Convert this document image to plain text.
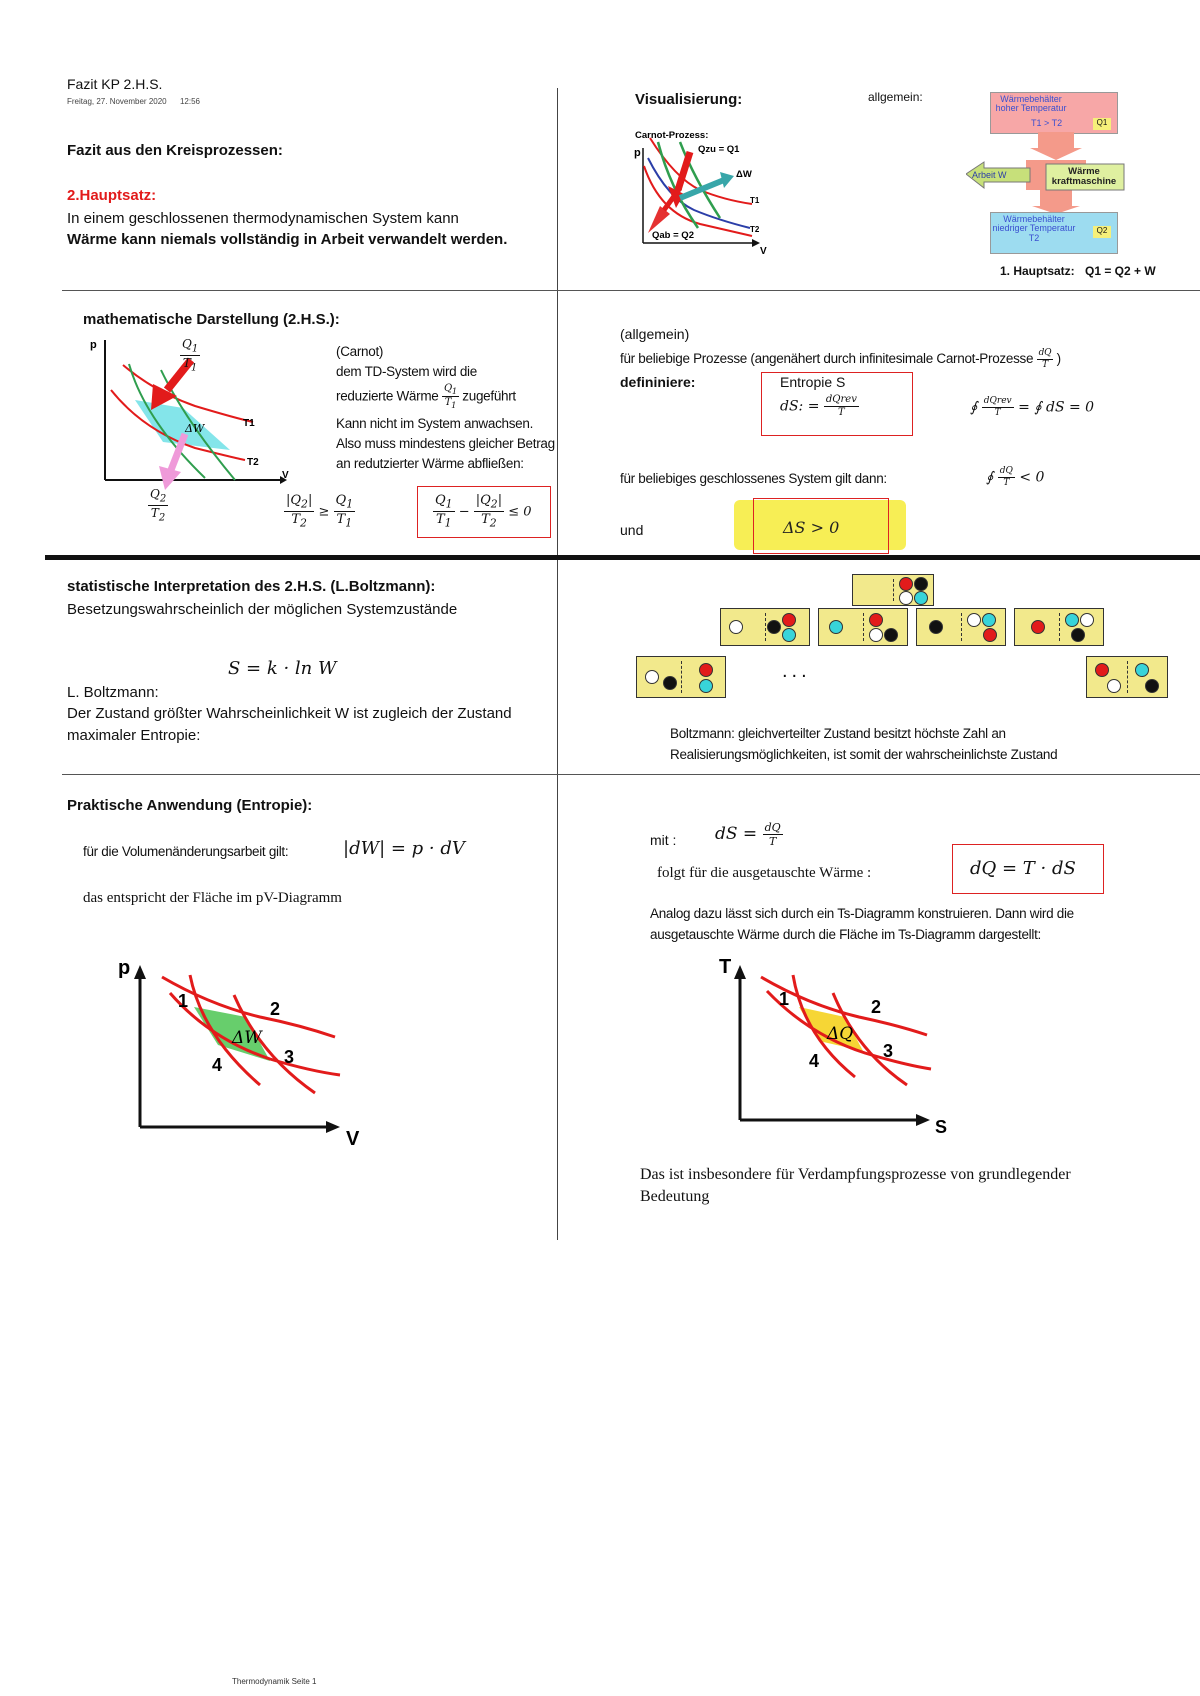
Fazit KP 2.H.S.
Freitag, 27. November 2020 12:56
Fazit aus den Kreisprozessen:
2.Hauptsatz:
In einem geschlossenen thermodynamischen System kann
Wärme kann niemals vollständig in Arbeit verwandelt werden.
Visualisierung:	allgemein:
p
V
Carnot-Prozess:
Qzu = Q1
ΔW
T1
T2
Qab = Q2
Wärmebehälter hoher Temperatur
T1 > T2	Q1
Arbeit W	Wärme kraftmaschine
Wärmebehälter niedriger Temperatur T2
Q2
1. Hauptsatz: Q1 = Q2 + W
mathematische Darstellung (2.H.S.):
p
V
ΔW	T1
T2
$\frac{Q_1}{T_1}$
$\frac{Q_2}{T_2}$
(Carnot)
dem TD-System wird die
reduzierte Wärme $\frac{Q_1}{T_1}$ zugeführt
Kann nicht im System anwachsen.
Also muss mindestens gleicher Betrag
an redutzierter Wärme abfließen:
$\frac{|Q_2|}{T_2} \ge \frac{Q_1}{T_1}$	$\frac{Q_1}{T_1} - \frac{|Q_2|}{T_2} \le 0$
(allgemein)
für beliebige Prozesse (angenähert durch infinitesimale Carnot-Prozesse $\frac{dQ}{T}$ )
defininiere:	Entropie S
dS: = $\frac{\text{dQrev}}{T}$	∮ $\frac{\text{dQrev}}{T}$ = ∮ dS = 0
für beliebiges geschlossenes System gilt dann:	∮ $\frac{dQ}{T} < 0$
und	ΔS > 0
statistische Interpretation des 2.H.S. (L.Boltzmann):
Besetzungswahrscheinlich der möglichen Systemzustände
S = k · ln W
L. Boltzmann:
Der Zustand größter Wahrscheinlichkeit W ist zugleich der Zustand
maximaler Entropie:
...
Boltzmann: gleichverteilter Zustand besitzt höchste Zahl an
Realisierungsmöglichkeiten, ist somit der wahrscheinlichste Zustand
Praktische Anwendung (Entropie):
für die Volumenänderungsarbeit gilt:	|dW| = p · dV
das entspricht der Fläche im pV-Diagramm
p
V
1	2
3
4
ΔW
mit : dS = $\frac{dQ}{T}$
folgt für die ausgetauschte Wärme :	dQ = T · dS
Analog dazu lässt sich durch ein Ts-Diagramm konstruieren. Dann wird die
ausgetauschte Wärme durch die Fläche im Ts-Diagramm dargestellt:
T
S
1	2
3
4
ΔQ
Das ist insbesondere für Verdampfungsprozesse von grundlegender
Bedeutung
Thermodynamik Seite 1
